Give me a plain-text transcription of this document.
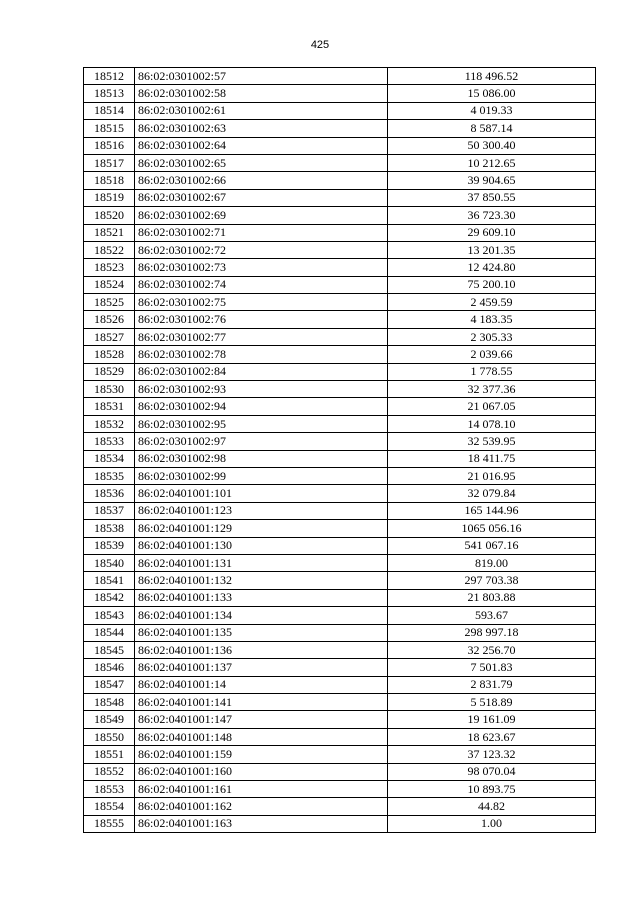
425
18512	86:02:0301002:57	118 496.52
18513	86:02:0301002:58	15 086.00
18514	86:02:0301002:61	4 019.33
18515	86:02:0301002:63	8 587.14
18516	86:02:0301002:64	50 300.40
18517	86:02:0301002:65	10 212.65
18518	86:02:0301002:66	39 904.65
18519	86:02:0301002:67	37 850.55
18520	86:02:0301002:69	36 723.30
18521	86:02:0301002:71	29 609.10
18522	86:02:0301002:72	13 201.35
18523	86:02:0301002:73	12 424.80
18524	86:02:0301002:74	75 200.10
18525	86:02:0301002:75	2 459.59
18526	86:02:0301002:76	4 183.35
18527	86:02:0301002:77	2 305.33
18528	86:02:0301002:78	2 039.66
18529	86:02:0301002:84	1 778.55
18530	86:02:0301002:93	32 377.36
18531	86:02:0301002:94	21 067.05
18532	86:02:0301002:95	14 078.10
18533	86:02:0301002:97	32 539.95
18534	86:02:0301002:98	18 411.75
18535	86:02:0301002:99	21 016.95
18536	86:02:0401001:101	32 079.84
18537	86:02:0401001:123	165 144.96
18538	86:02:0401001:129	1065 056.16
18539	86:02:0401001:130	541 067.16
18540	86:02:0401001:131	819.00
18541	86:02:0401001:132	297 703.38
18542	86:02:0401001:133	21 803.88
18543	86:02:0401001:134	593.67
18544	86:02:0401001:135	298 997.18
18545	86:02:0401001:136	32 256.70
18546	86:02:0401001:137	7 501.83
18547	86:02:0401001:14	2 831.79
18548	86:02:0401001:141	5 518.89
18549	86:02:0401001:147	19 161.09
18550	86:02:0401001:148	18 623.67
18551	86:02:0401001:159	37 123.32
18552	86:02:0401001:160	98 070.04
18553	86:02:0401001:161	10 893.75
18554	86:02:0401001:162	44.82
18555	86:02:0401001:163	1.00
